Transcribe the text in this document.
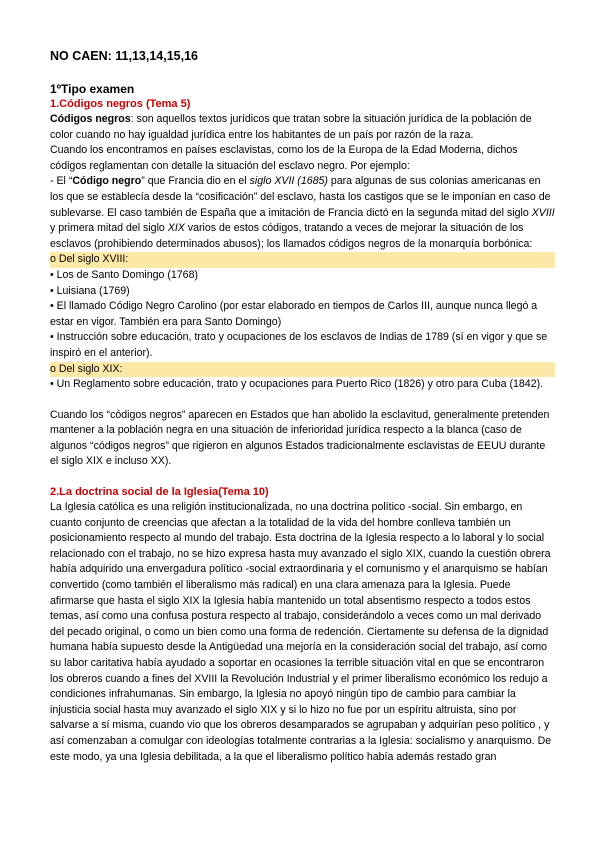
NO CAEN: 11,13,14,15,16
1ºTipo examen
1.Códigos negros (Tema 5)

Códigos negros: son aquellos textos jurídicos que tratan sobre la situación jurídica de la población de color cuando no hay igualdad jurídica entre los habitantes de un país por razón de la raza.

Cuando los encontramos en países esclavistas, como los de la Europa de la Edad Moderna, dichos códigos reglamentan con detalle la situación del esclavo negro. Por ejemplo:

- El “Código negro” que Francia dio en el siglo XVII (1685) para algunas de sus colonias americanas en los que se establecía desde la “cosificación” del esclavo, hasta los castigos que se le imponían en caso de sublevarse. El caso también de España que a imitación de Francia dictó en la segunda mitad del siglo XVIII y primera mitad del siglo XIX varios de estos códigos, tratando a veces de mejorar la situación de los esclavos (prohibiendo determinados abusos); los llamados códigos negros de la monarquía borbónica:

o Del siglo XVIII:

• Los de Santo Domingo (1768)

• Luisiana (1769)

• El llamado Código Negro Carolino (por estar elaborado en tiempos de Carlos III, aunque nunca llegó a estar en vigor. También era para Santo Domingo)

• Instrucción sobre educación, trato y ocupaciones de los esclavos de Indias de 1789 (sí en vigor y que se inspiró en el anterior).

o Del siglo XIX:

• Un Reglamento sobre educación, trato y ocupaciones para Puerto Rico (1826) y otro para Cuba (1842).

Cuando los “códigos negros” aparecen en Estados que han abolido la esclavitud, generalmente pretenden mantener a la población negra en una situación de inferioridad jurídica respecto a la blanca (caso de algunos “códigos negros” que rigieron en algunos Estados tradicionalmente esclavistas de EEUU durante el siglo XIX e incluso XX).

2.La doctrina social de la Iglesia(Tema 10)

La Iglesia católica es una religión institucionalizada, no una doctrina político -social. Sin embargo, en cuanto conjunto de creencias que afectan a la totalidad de la vida del hombre conlleva también un posicionamiento respecto al mundo del trabajo. Esta doctrina de la Iglesia respecto a lo laboral y lo social relacionado con el trabajo, no se hizo expresa hasta muy avanzado el siglo XIX, cuando la cuestión obrera había adquirido una envergadura político -social extraordinaria y el comunismo y el anarquismo se habían convertido (como también el liberalismo más radical) en una clara amenaza para la Iglesia. Puede afirmarse que hasta el siglo XIX la Iglesia había mantenido un total absentismo respecto a todos estos temas, así como una confusa postura respecto al trabajo, considerándolo a veces como un mal derivado del pecado original, o como un bien como una forma de redención. Ciertamente su defensa de la dignidad humana había supuesto desde la Antigüedad una mejoría en la consideración social del trabajo, así como su labor caritativa había ayudado a soportar en ocasiones la terrible situación vital en que se encontraron los obreros cuando a fines del XVIII la Revolución Industrial y el primer liberalismo económico los redujo a condiciones infrahumanas. Sin embargo, la Iglesia no apoyó ningún tipo de cambio para cambiar la injusticia social hasta muy avanzado el siglo XIX y si lo hizo no fue por un espíritu altruista, sino por salvarse a sí misma, cuando vio que los obreros desamparados se agrupaban y adquirían peso político , y así comenzaban a comulgar con ideologías totalmente contrarias a la Iglesia: socialismo y anarquismo. De este modo, ya una Iglesia debilitada, a la que el liberalismo político había además restado gran
